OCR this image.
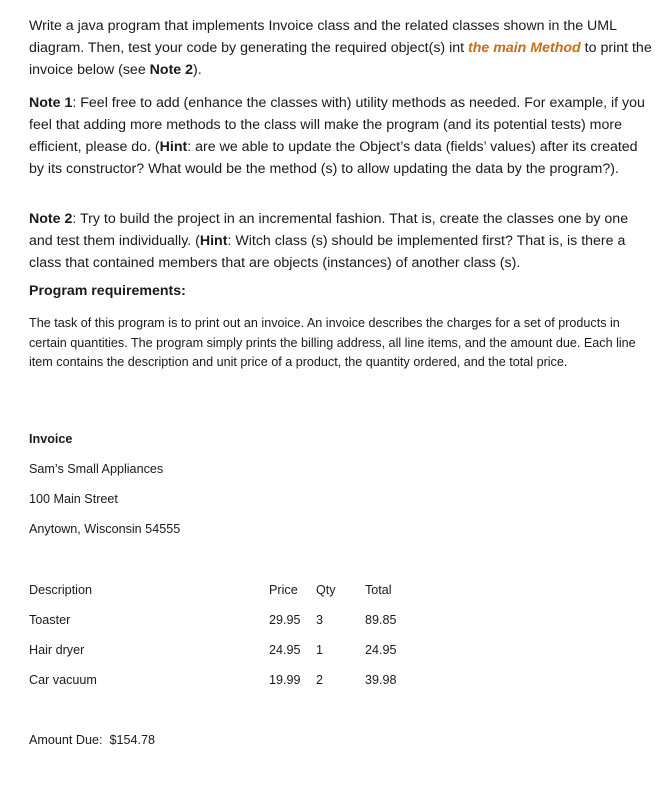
Write a java program that implements Invoice class and the related classes shown in the UML diagram. Then, test your code by generating the required object(s) int the main Method to print the invoice below (see Note 2).

Note 1: Feel free to add (enhance the classes with) utility methods as needed. For example, if you feel that adding more methods to the class will make the program (and its potential tests) more efficient, please do. (Hint: are we able to update the Object’s data (fields’ values) after its created by its constructor? What would be the method (s) to allow updating the data by the program?).

Note 2: Try to build the project in an incremental fashion. That is, create the classes one by one and test them individually. (Hint: Witch class (s) should be implemented first? That is, is there a class that contained members that are objects (instances) of another class (s).

Program requirements:

The task of this program is to print out an invoice. An invoice describes the charges for a set of products in certain quantities. The program simply prints the billing address, all line items, and the amount due. Each line item contains the description and unit price of a product, the quantity ordered, and the total price.

Invoice

Sam’s Small Appliances

100 Main Street

Anytown, Wisconsin 54555

Description	Price Qty Total
Toaster	29.95 3	89.85
Hair dryer	24.95 1	24.95
Car vacuum	19.99 2	39.98
Amount Due: $154.78
